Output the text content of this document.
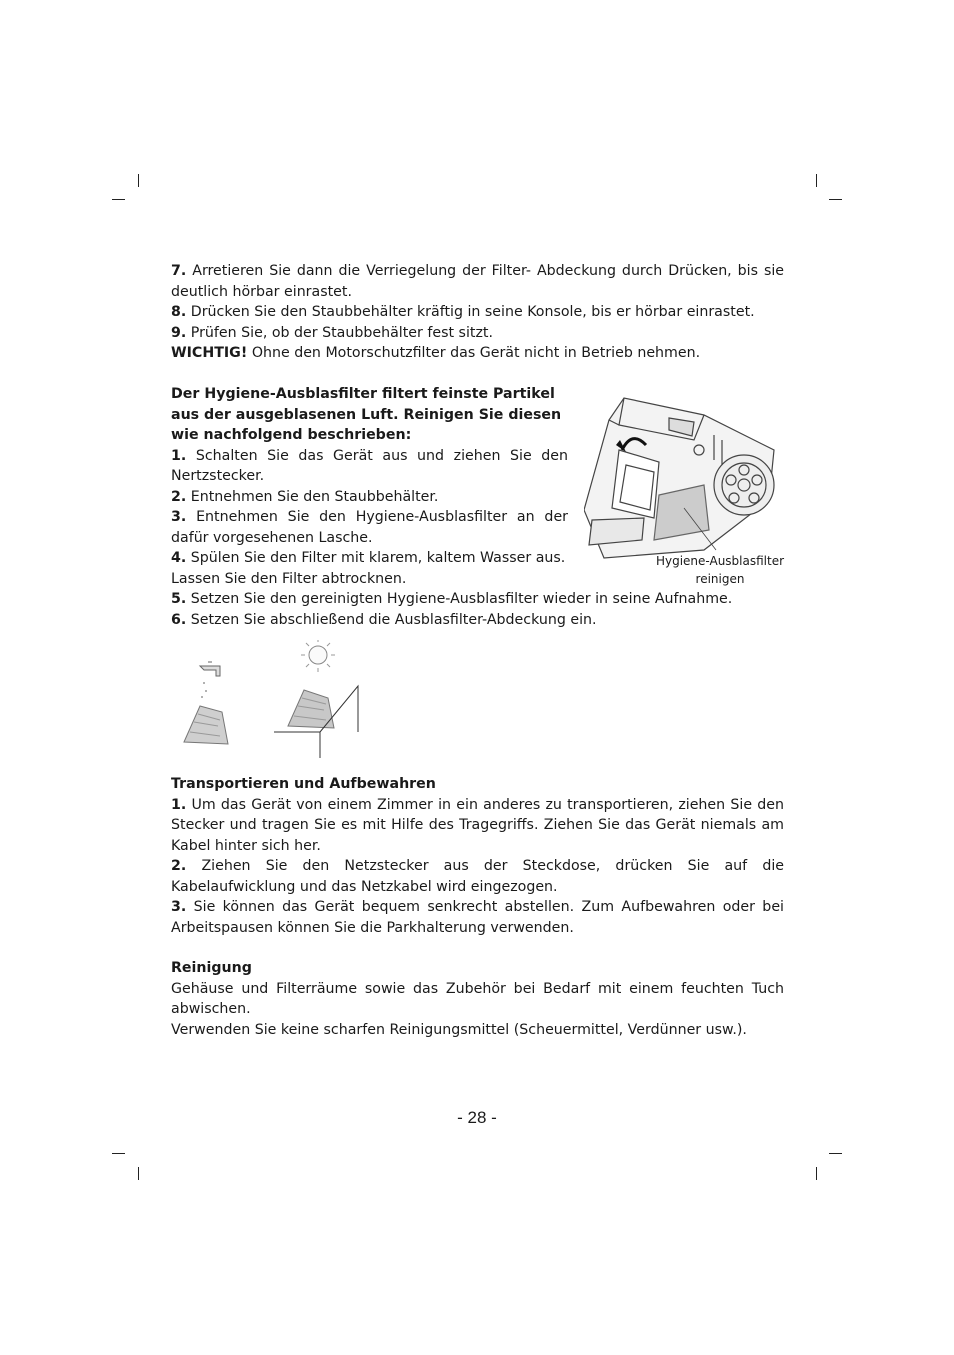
7. Arretieren Sie dann die Verriegelung der Filter- Abdeckung durch Drücken, bis sie deutlich hörbar einrastet.

8. Drücken Sie den Staubbehälter kräftig in seine Konsole, bis er hörbar einrastet.

9. Prüfen Sie, ob der Staubbehälter fest sitzt.

WICHTIG! Ohne den Motorschutzfilter das Gerät nicht in Betrieb nehmen.

Der Hygiene-Ausblasfilter filtert feinste Partikel aus der ausgeblasenen Luft. Reinigen Sie diesen wie nachfolgend beschrieben:

1. Schalten Sie das Gerät aus und ziehen Sie den Nertzstecker.

2. Entnehmen Sie den Staubbehälter.

3. Entnehmen Sie den Hygiene-Ausblasfilter an der dafür vorgesehenen Lasche.

4. Spülen Sie den Filter mit klarem, kaltem Wasser aus. Lassen Sie den Filter abtrocknen.

5. Setzen Sie den gereinigten Hygiene-Ausblasfilter wieder in seine Aufnahme.

6. Setzen Sie abschließend die Ausblasfilter-Abdeckung ein.

Hygiene-Ausblasfilter
reinigen

Transportieren und Aufbewahren

1. Um das Gerät von einem Zimmer in ein anderes zu transportieren, ziehen Sie den Stecker und tragen Sie es mit Hilfe des Tragegriffs. Ziehen Sie das Gerät niemals am Kabel hinter sich her.

2. Ziehen Sie den Netzstecker aus der Steckdose, drücken Sie auf die Kabelaufwicklung und das Netzkabel wird eingezogen.

3. Sie können das Gerät bequem senkrecht abstellen. Zum Aufbewahren oder bei Arbeitspausen können Sie die Parkhalterung verwenden.

Reinigung

Gehäuse und Filterräume sowie das Zubehör bei Bedarf mit einem feuchten Tuch abwischen.

Verwenden Sie keine scharfen Reinigungsmittel (Scheuermittel, Verdünner usw.).

- 28 -
